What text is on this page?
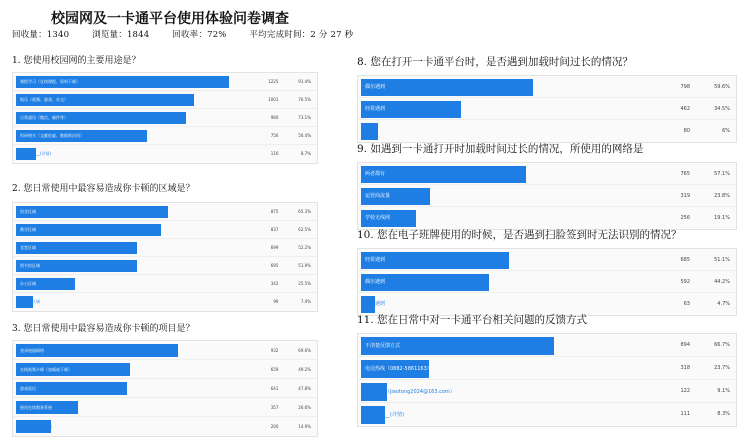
校园网及一卡通平台使用体验问卷调查
回收量：1340	浏览量：1844	回收率：72%	平均完成时间：2 分 27 秒
1. 您使用校园网的主要用途是？
课程学习（在线课程、资料下载）	1225	91.4%
娱乐（视频、游戏、社交）	1001	76.5%
日常通讯（微信、邮件等）	980	73.1%
科研相关（文献检索、数据库访问）	756	56.4%
其他______(详情)	116	8.7%
2. 您日常使用中最容易造成你卡顿的区域是？
宿舍区域	875	65.3%
教学区域	837	62.5%
食堂区域	699	52.2%
图书馆区域	695	51.9%
办公区域	342	25.5%
无明确区域	99	7.4%
3. 您日常使用中最容易造成你卡顿的项目是？
登录校园网络	932	69.6%
在线视频卡顿（加载或下载）	659	49.2%
游戏延迟	641	47.8%
使用在线教务系统	357	26.6%
聊天高峰文件下载	200	14.9%
8. 您在打开一卡通平台时，是否遇到加载时间过长的情况？
偶尔遇到	798	59.6%
经常遇到	462	34.5%
从不	80	6%
9. 如遇到一卡通打开时加载时间过长的情况，所使用的网络是
两者都有	765	57.1%
运营商流量	319	23.8%
学校无线网	256	19.1%
10. 您在电子班牌使用的时候，是否遇到扫脸签到时无法识别的情况？
经常遇到	685	51.1%
偶尔遇到	592	44.2%
从未遇到	63	4.7%
11. 您在日常中对一卡通平台相关问题的反馈方式
不清楚反馈方式	894	66.7%
电话热线（0882-5861163）	318	23.7%
邮箱反馈（jiaotong2024@163.com）	122	9.1%
其他______(详情)	111	8.3%
